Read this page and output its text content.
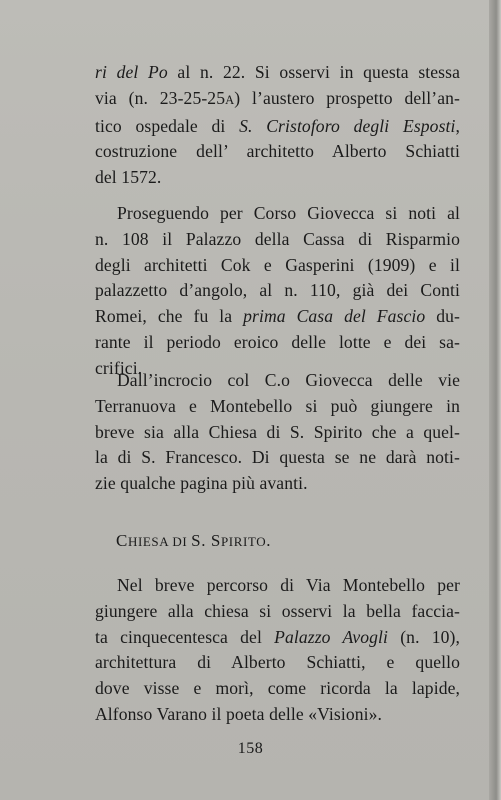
ri del Po al n. 22. Si osservi in questa stessa
via (n. 23-25-25A) l’austero prospetto dell’an-
tico ospedale di S. Cristoforo degli Esposti,
costruzione dell’ architetto Alberto Schiatti
del 1572.
Proseguendo per Corso Giovecca si noti al
n. 108 il Palazzo della Cassa di Risparmio
degli architetti Cok e Gasperini (1909) e il
palazzetto d’angolo, al n. 110, già dei Conti
Romei, che fu la prima Casa del Fascio du-
rante il periodo eroico delle lotte e dei sa-
crifici.
Dall’incrocio col C.o Giovecca delle vie
Terranuova e Montebello si può giungere in
breve sia alla Chiesa di S. Spirito che a quel-
la di S. Francesco. Di questa se ne darà noti-
zie qualche pagina più avanti.
CHIESA DI S. SPIRITO.
Nel breve percorso di Via Montebello per
giungere alla chiesa si osservi la bella faccia-
ta cinquecentesca del Palazzo Avogli (n. 10),
architettura di Alberto Schiatti, e quello
dove visse e morì, come ricorda la lapide,
Alfonso Varano il poeta delle «Visioni».
158
